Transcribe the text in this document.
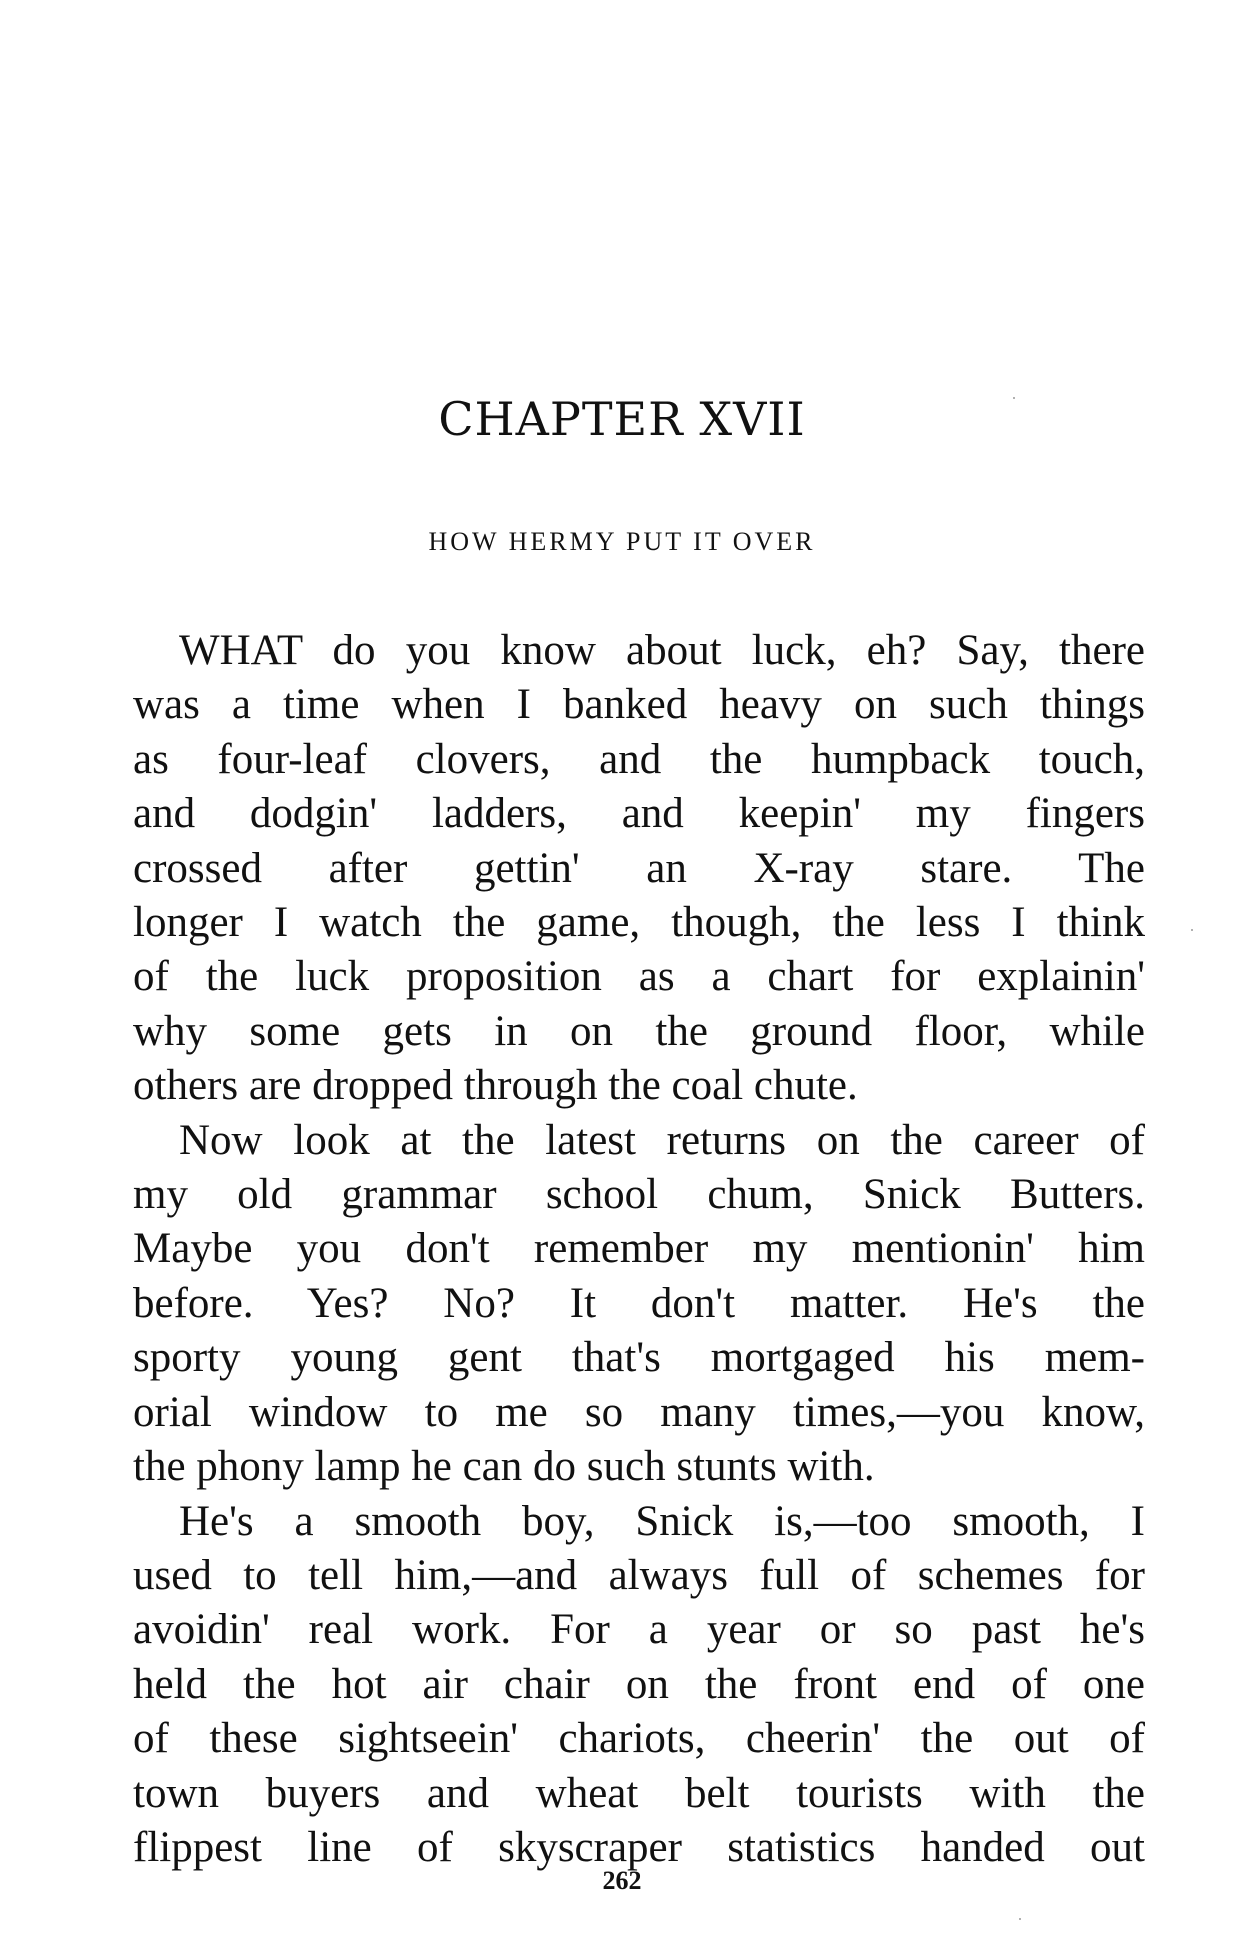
CHAPTER XVII
HOW HERMY PUT IT OVER
WHAT do you know about luck, eh? Say, there
was a time when I banked heavy on such things
as four-leaf clovers, and the humpback touch,
and dodgin' ladders, and keepin' my fingers
crossed after gettin' an X-ray stare. The
longer I watch the game, though, the less I think
of the luck proposition as a chart for explainin'
why some gets in on the ground floor, while
others are dropped through the coal chute.
Now look at the latest returns on the career of
my old grammar school chum, Snick Butters.
Maybe you don't remember my mentionin' him
before. Yes? No? It don't matter. He's the
sporty young gent that's mortgaged his mem-
orial window to me so many times,—you know,
the phony lamp he can do such stunts with.
He's a smooth boy, Snick is,—too smooth, I
used to tell him,—and always full of schemes for
avoidin' real work. For a year or so past he's
held the hot air chair on the front end of one
of these sightseein' chariots, cheerin' the out of
town buyers and wheat belt tourists with the
flippest line of skyscraper statistics handed out
262
